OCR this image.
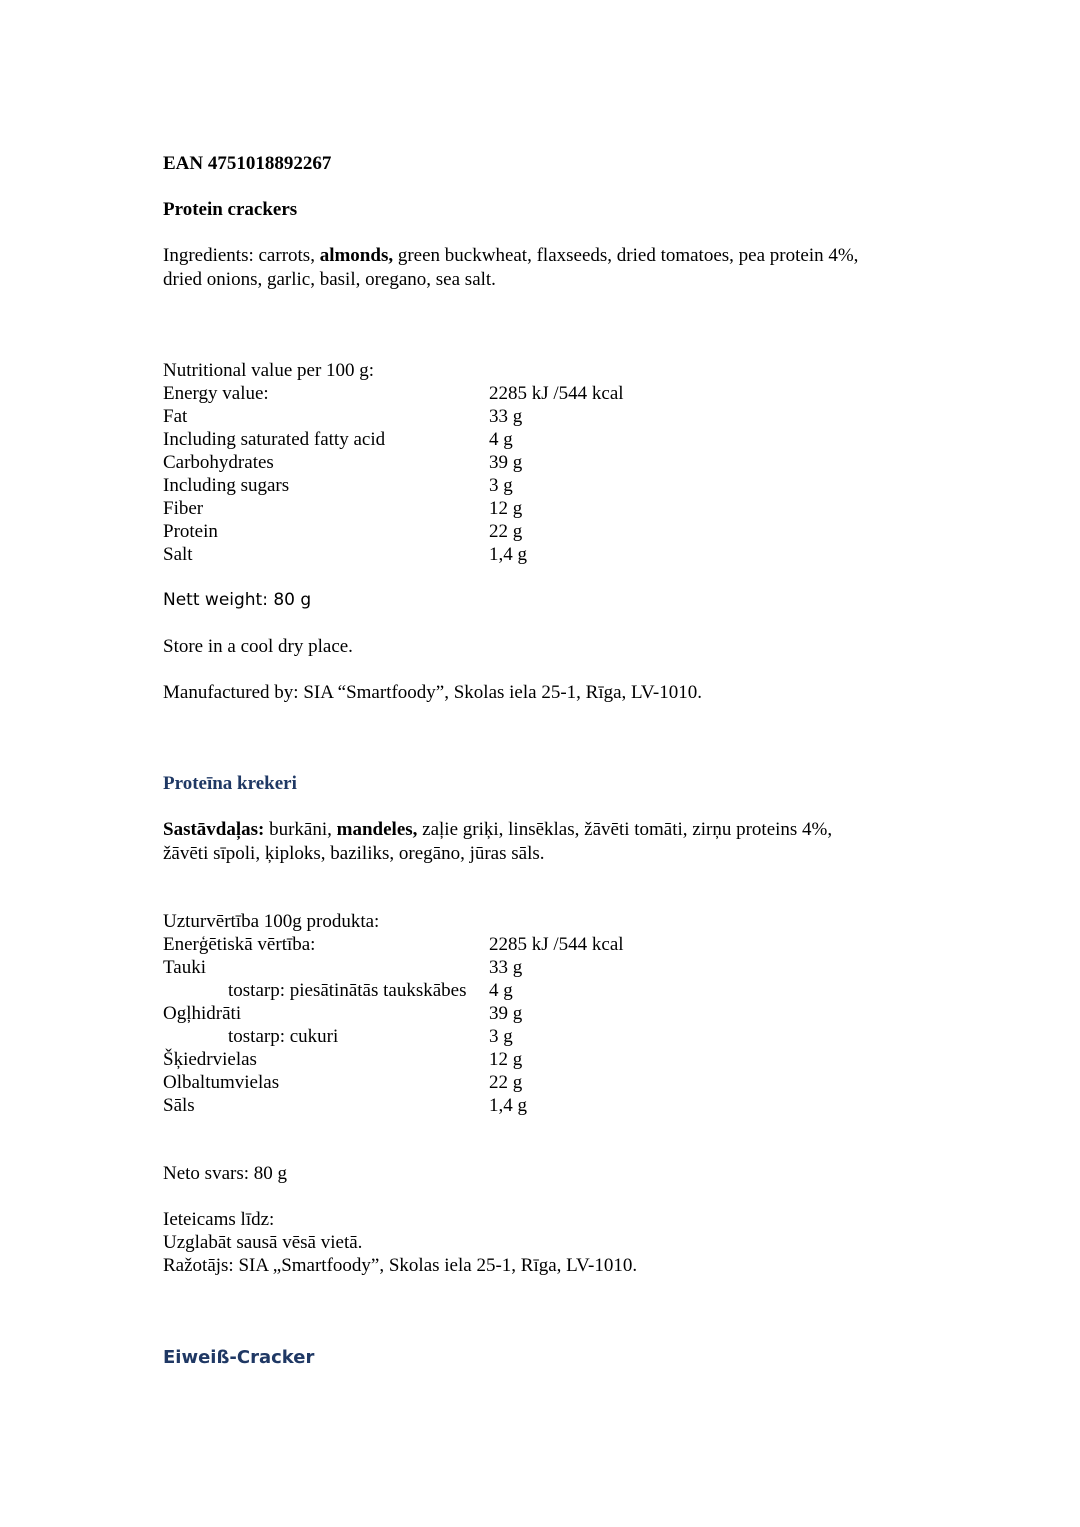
EAN 4751018892267
Protein crackers
Ingredients: carrots, almonds, green buckwheat, flaxseeds, dried tomatoes, pea protein 4%,
dried onions, garlic, basil, oregano, sea salt.
Nutritional value per 100 g:
Energy value:	2285 kJ /544 kcal
Fat	33 g
Including saturated fatty acid	4 g
Carbohydrates	39 g
Including sugars	3 g
Fiber	12 g
Protein	22 g
Salt	1,4 g
Nett weight: 80 g
Store in a cool dry place.
Manufactured by: SIA “Smartfoody”, Skolas iela 25-1, Rīga, LV-1010.
Proteīna krekeri
Sastāvdaļas: burkāni, mandeles, zaļie griķi, linsēklas, žāvēti tomāti, zirņu proteins 4%,
žāvēti sīpoli, ķiploks, baziliks, oregāno, jūras sāls.
Uzturvērtība 100g produkta:
Enerģētiskā vērtība:	2285 kJ /544 kcal
Tauki	33 g
tostarp: piesātinātās taukskābes 4 g
Ogļhidrāti	39 g
tostarp: cukuri	3 g
Šķiedrvielas	12 g
Olbaltumvielas	22 g
Sāls	1,4 g
Neto svars: 80 g
Ieteicams līdz:
Uzglabāt sausā vēsā vietā.
Ražotājs: SIA „Smartfoody”, Skolas iela 25-1, Rīga, LV-1010.
Eiweiß-Cracker
